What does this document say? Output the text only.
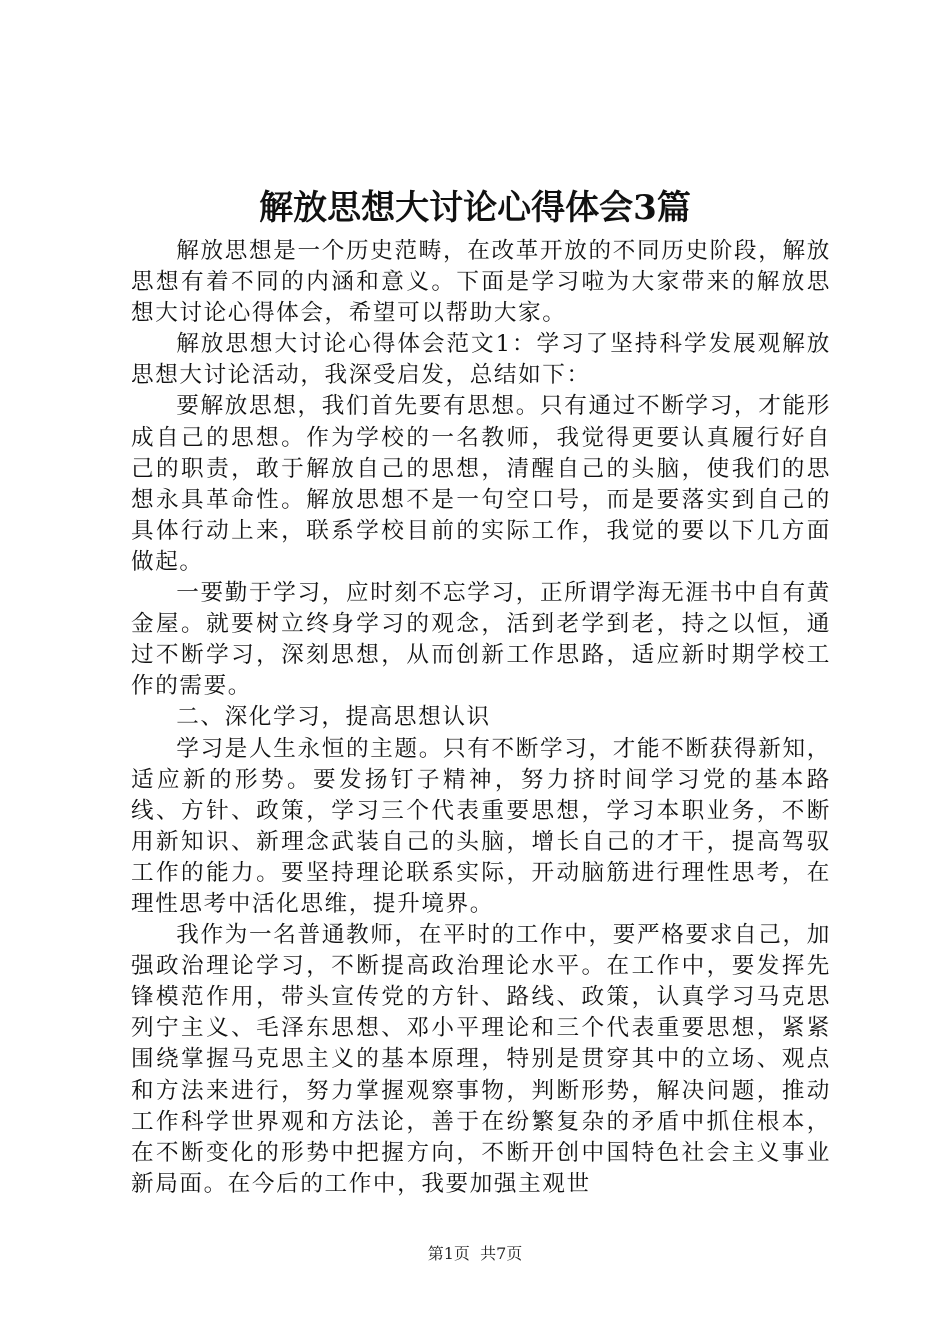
解放思想大讨论心得体会3篇

解放思想是一个历史范畴，在改革开放的不同历史阶段，解放思想有着不同的内涵和意义。下面是学习啦为大家带来的解放思想大讨论心得体会，希望可以帮助大家。

解放思想大讨论心得体会范文1：学习了坚持科学发展观解放思想大讨论活动，我深受启发，总结如下：

要解放思想，我们首先要有思想。只有通过不断学习，才能形成自己的思想。作为学校的一名教师，我觉得更要认真履行好自己的职责，敢于解放自己的思想，清醒自己的头脑，使我们的思想永具革命性。解放思想不是一句空口号，而是要落实到自己的具体行动上来，联系学校目前的实际工作，我觉的要以下几方面做起。

一要勤于学习，应时刻不忘学习，正所谓学海无涯书中自有黄金屋。就要树立终身学习的观念，活到老学到老，持之以恒，通过不断学习，深刻思想，从而创新工作思路，适应新时期学校工作的需要。

二、深化学习，提高思想认识

学习是人生永恒的主题。只有不断学习，才能不断获得新知，适应新的形势。要发扬钉子精神，努力挤时间学习党的基本路线、方针、政策，学习三个代表重要思想，学习本职业务，不断用新知识、新理念武装自己的头脑，增长自己的才干，提高驾驭工作的能力。要坚持理论联系实际，开动脑筋进行理性思考，在理性思考中活化思维，提升境界。

我作为一名普通教师，在平时的工作中，要严格要求自己，加强政治理论学习，不断提高政治理论水平。在工作中，要发挥先锋模范作用，带头宣传党的方针、路线、政策，认真学习马克思列宁主义、毛泽东思想、邓小平理论和三个代表重要思想，紧紧围绕掌握马克思主义的基本原理，特别是贯穿其中的立场、观点和方法来进行，努力掌握观察事物，判断形势，解决问题，推动工作科学世界观和方法论，善于在纷繁复杂的矛盾中抓住根本，在不断变化的形势中把握方向，不断开创中国特色社会主义事业新局面。在今后的工作中，我要加强主观世

第1页 共7页
